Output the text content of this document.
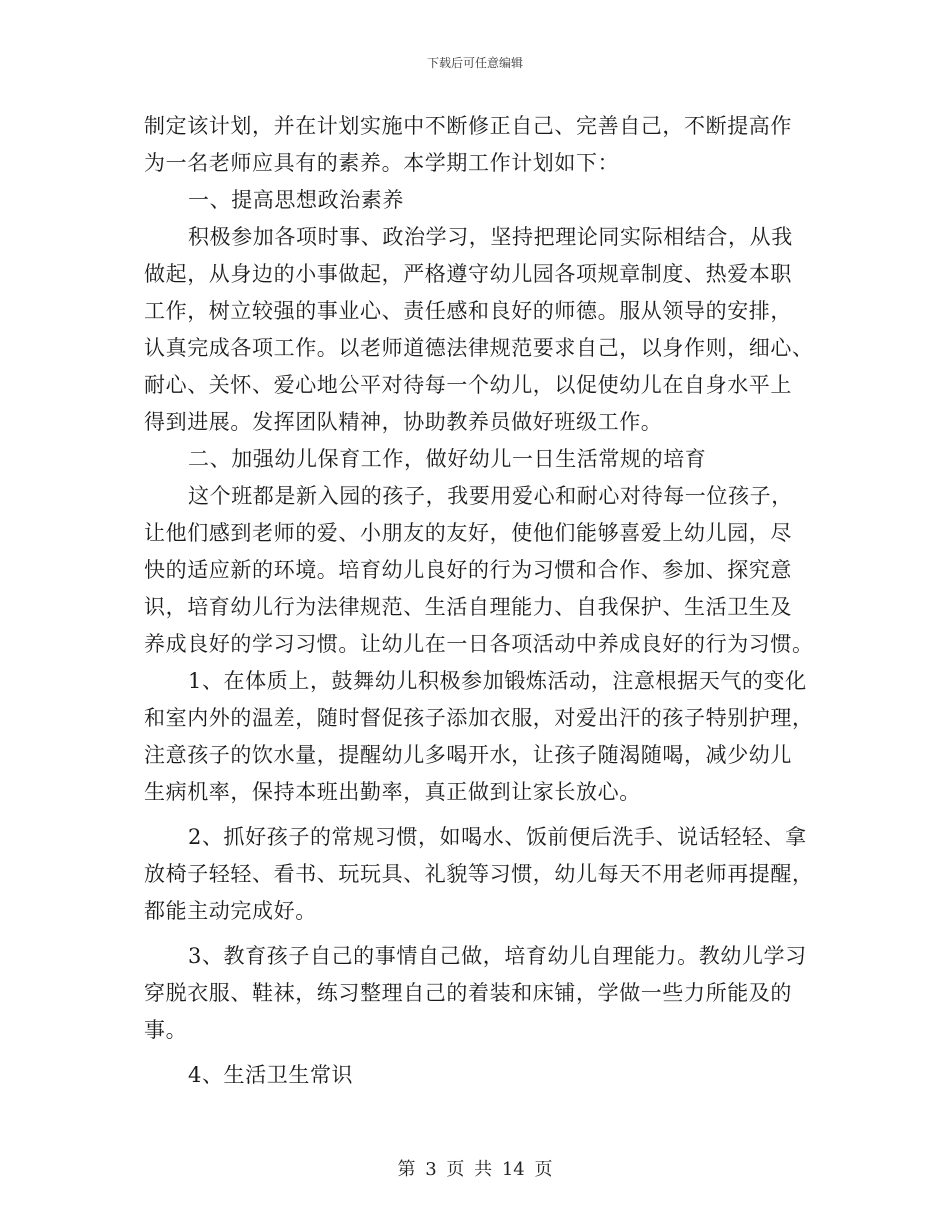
下载后可任意编辑
制定该计划，并在计划实施中不断修正自己、完善自己，不断提高作
为一名老师应具有的素养。本学期工作计划如下：
一、提高思想政治素养
积极参加各项时事、政治学习，坚持把理论同实际相结合，从我
做起，从身边的小事做起，严格遵守幼儿园各项规章制度、热爱本职
工作，树立较强的事业心、责任感和良好的师德。服从领导的安排，
认真完成各项工作。以老师道德法律规范要求自己，以身作则，细心、
耐心、关怀、爱心地公平对待每一个幼儿，以促使幼儿在自身水平上
得到进展。发挥团队精神，协助教养员做好班级工作。
二、加强幼儿保育工作，做好幼儿一日生活常规的培育
这个班都是新入园的孩子，我要用爱心和耐心对待每一位孩子，
让他们感到老师的爱、小朋友的友好，使他们能够喜爱上幼儿园，尽
快的适应新的环境。培育幼儿良好的行为习惯和合作、参加、探究意
识，培育幼儿行为法律规范、生活自理能力、自我保护、生活卫生及
养成良好的学习习惯。让幼儿在一日各项活动中养成良好的行为习惯。
1、在体质上，鼓舞幼儿积极参加锻炼活动，注意根据天气的变化
和室内外的温差，随时督促孩子添加衣服，对爱出汗的孩子特别护理，
注意孩子的饮水量，提醒幼儿多喝开水，让孩子随渴随喝，减少幼儿
生病机率，保持本班出勤率，真正做到让家长放心。
2、抓好孩子的常规习惯，如喝水、饭前便后洗手、说话轻轻、拿
放椅子轻轻、看书、玩玩具、礼貌等习惯，幼儿每天不用老师再提醒，
都能主动完成好。
3、教育孩子自己的事情自己做，培育幼儿自理能力。教幼儿学习
穿脱衣服、鞋袜，练习整理自己的着装和床铺，学做一些力所能及的
事。
4、生活卫生常识
第 3 页 共 14 页
